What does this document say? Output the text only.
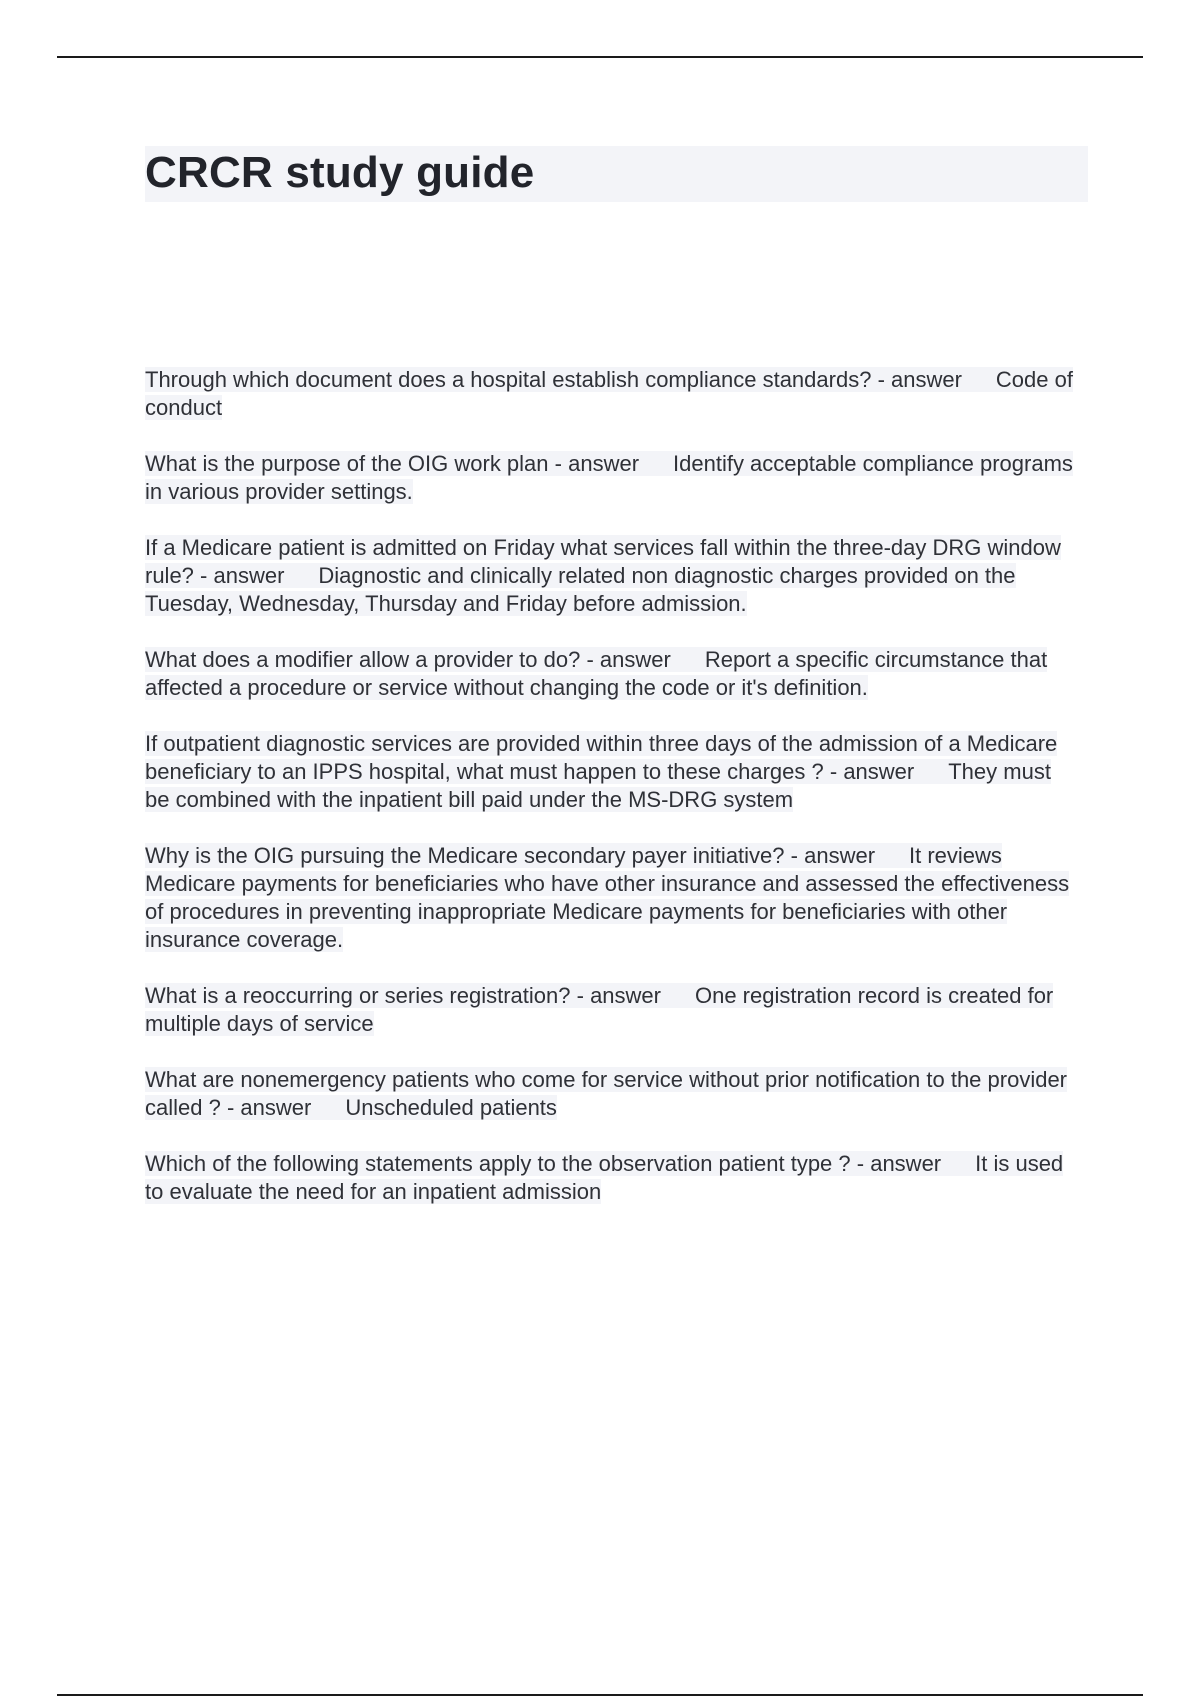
CRCR study guide

Through which document does a hospital establish compliance standards? - answer Code of conduct

What is the purpose of the OIG work plan - answer Identify acceptable compliance programs in various provider settings.

If a Medicare patient is admitted on Friday what services fall within the three-day DRG window rule? - answer Diagnostic and clinically related non diagnostic charges provided on the Tuesday, Wednesday, Thursday and Friday before admission.

What does a modifier allow a provider to do? - answer Report a specific circumstance that affected a procedure or service without changing the code or it's definition.

If outpatient diagnostic services are provided within three days of the admission of a Medicare beneficiary to an IPPS hospital, what must happen to these charges ? - answer They must be combined with the inpatient bill paid under the MS-DRG system

Why is the OIG pursuing the Medicare secondary payer initiative? - answer It reviews Medicare payments for beneficiaries who have other insurance and assessed the effectiveness of procedures in preventing inappropriate Medicare payments for beneficiaries with other insurance coverage.

What is a reoccurring or series registration? - answer One registration record is created for multiple days of service

What are nonemergency patients who come for service without prior notification to the provider called ? - answer Unscheduled patients

Which of the following statements apply to the observation patient type ? - answer It is used to evaluate the need for an inpatient admission
